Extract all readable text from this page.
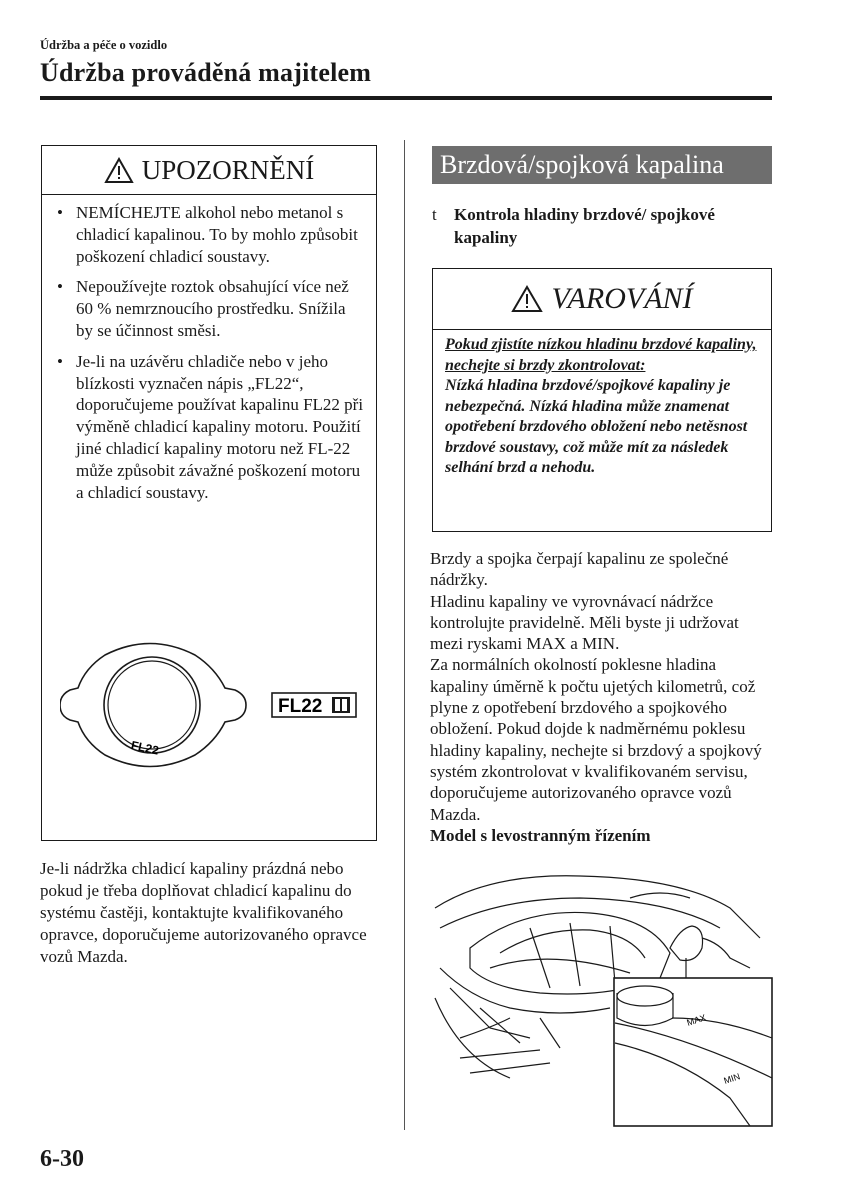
Údržba a péče o vozidlo
Údržba prováděná majitelem
UPOZORNĚNÍ
• NEMÍCHEJTE alkohol nebo metanol s chladicí kapalinou. To by mohlo způsobit poškození chladicí soustavy.
• Nepoužívejte roztok obsahující více než 60 % nemrznoucího prostředku. Snížila by se účinnost směsi.
• Je-li na uzávěru chladiče nebo v jeho blízkosti vyznačen nápis „FL22“, doporučujeme používat kapalinu FL22 při výměně chladicí kapaliny motoru. Použití jiné chladicí kapaliny motoru než FL-22 může způsobit závažné poškození motoru a chladicí soustavy.
FL22
FL22
Je-li nádržka chladicí kapaliny prázdná nebo pokud je třeba doplňovat chladicí kapalinu do systému častěji, kontaktujte kvalifikovaného opravce, doporučujeme autorizovaného opravce vozů Mazda.
Brzdová/spojková kapalina
t	Kontrola hladiny brzdové/ spojkové kapaliny
VAROVÁNÍ
Pokud zjistíte nízkou hladinu brzdové kapaliny, nechejte si brzdy zkontrolovat:
Nízká hladina brzdové/spojkové kapaliny je nebezpečná. Nízká hladina může znamenat opotřebení brzdového obložení nebo netěsnost brzdové soustavy, což může mít za následek selhání brzd a nehodu.

Brzdy a spojka čerpají kapalinu ze společné nádržky.

Hladinu kapaliny ve vyrovnávací nádržce kontrolujte pravidelně. Měli byste ji udržovat mezi ryskami MAX a MIN.

Za normálních okolností poklesne hladina kapaliny úměrně k počtu ujetých kilometrů, což plyne z opotřebení brzdového a spojkového obložení. Pokud dojde k nadměrnému poklesu hladiny kapaliny, nechejte si brzdový a spojkový systém zkontrolovat v kvalifikovaném servisu, doporučujeme autorizovaného opravce vozů Mazda.

Model s levostranným řízením

MAX
MIN
6-30
